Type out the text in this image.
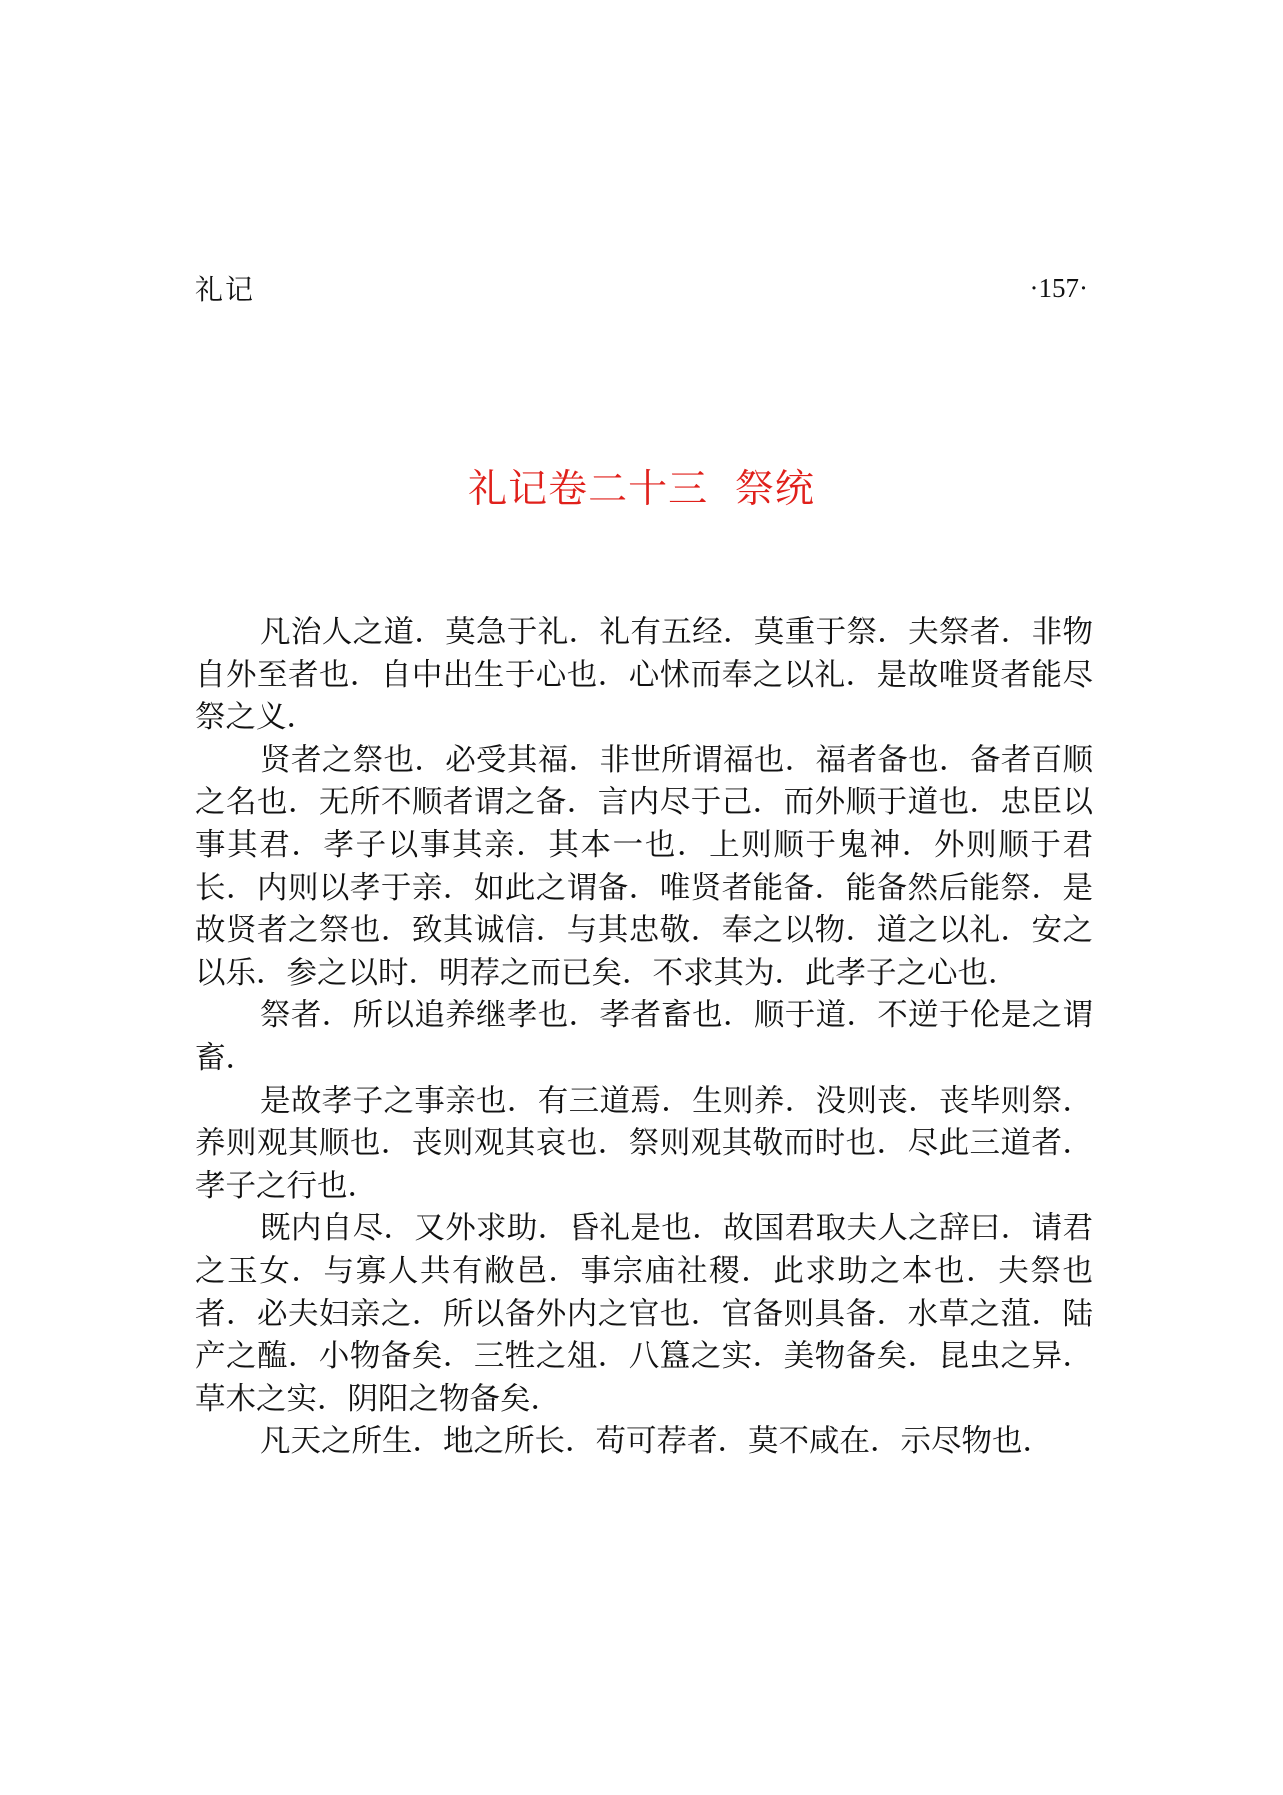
礼记	·157·
礼记卷二十三  祭统

凡治人之道．莫急于礼．礼有五经．莫重于祭．夫祭者．非物自外至者也．自中出生于心也．心怵而奉之以礼．是故唯贤者能尽祭之义．

贤者之祭也．必受其福．非世所谓福也．福者备也．备者百顺之名也．无所不顺者谓之备．言内尽于己．而外顺于道也．忠臣以事其君．孝子以事其亲．其本一也．上则顺于鬼神．外则顺于君长．内则以孝于亲．如此之谓备．唯贤者能备．能备然后能祭．是故贤者之祭也．致其诚信．与其忠敬．奉之以物．道之以礼．安之以乐．参之以时．明荐之而已矣．不求其为．此孝子之心也．

祭者．所以追养继孝也．孝者畜也．顺于道．不逆于伦是之谓畜．

是故孝子之事亲也．有三道焉．生则养．没则丧．丧毕则祭．养则观其顺也．丧则观其哀也．祭则观其敬而时也．尽此三道者．孝子之行也．

既内自尽．又外求助．昏礼是也．故国君取夫人之辞曰．请君之玉女．与寡人共有敝邑．事宗庙社稷．此求助之本也．夫祭也者．必夫妇亲之．所以备外内之官也．官备则具备．水草之菹．陆产之醢．小物备矣．三牲之俎．八簋之实．美物备矣．昆虫之异．草木之实．阴阳之物备矣．

凡天之所生．地之所长．苟可荐者．莫不咸在．示尽物也．
